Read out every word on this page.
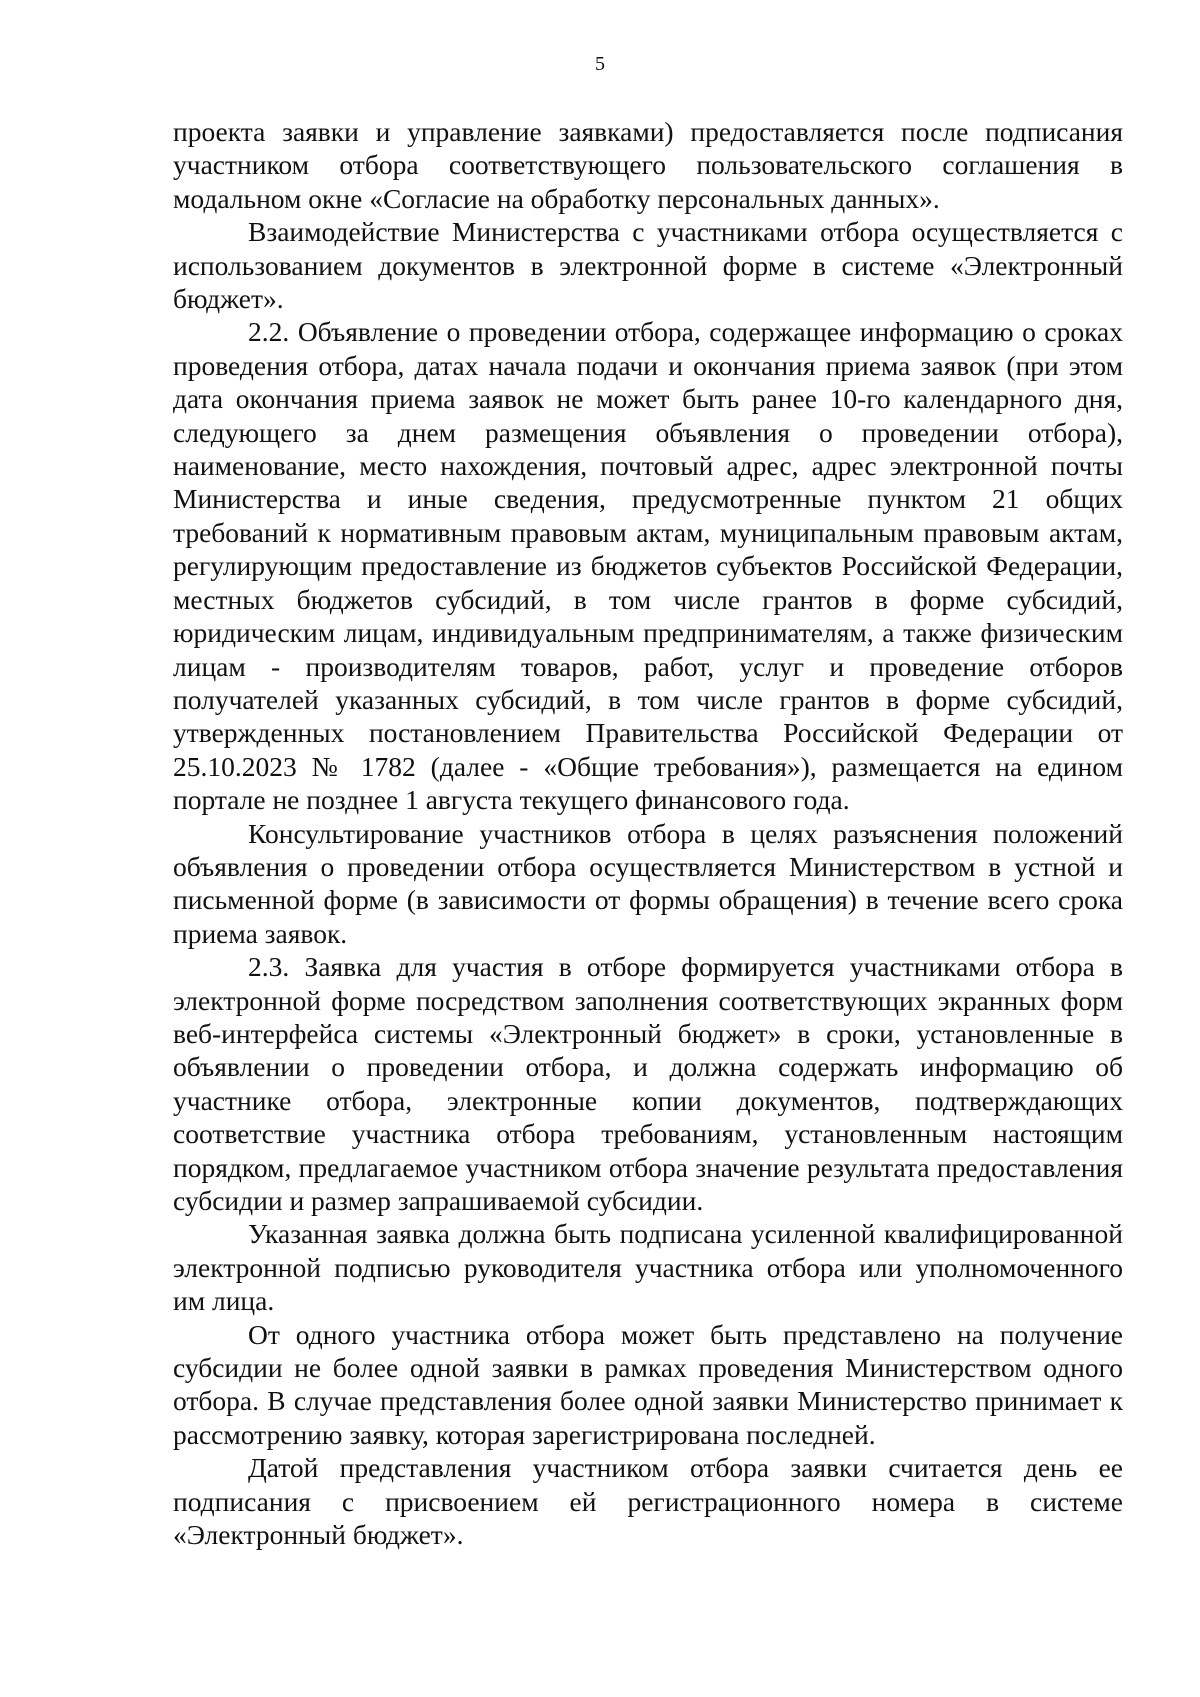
5

проекта заявки и управление заявками) предоставляется после подписания участником отбора соответствующего пользовательского соглашения в модальном окне «Согласие на обработку персональных данных».

Взаимодействие Министерства с участниками отбора осуществляется с использованием документов в электронной форме в системе «Электронный бюджет».

2.2. Объявление о проведении отбора, содержащее информацию о сроках проведения отбора, датах начала подачи и окончания приема заявок (при этом дата окончания приема заявок не может быть ранее 10-го календарного дня, следующего за днем размещения объявления о проведении отбора), наименование, место нахождения, почтовый адрес, адрес электронной почты Министерства и иные сведения, предусмотренные пунктом 21 общих требований к нормативным правовым актам, муниципальным правовым актам, регулирующим предоставление из бюджетов субъектов Российской Федерации, местных бюджетов субсидий, в том числе грантов в форме субсидий, юридическим лицам, индивидуальным предпринимателям, а также физическим лицам - производителям товаров, работ, услуг и проведение отборов получателей указанных субсидий, в том числе грантов в форме субсидий, утвержденных постановлением Правительства Российской Федерации от 25.10.2023 № 1782 (далее - «Общие требования»), размещается на едином портале не позднее 1 августа текущего финансового года.

Консультирование участников отбора в целях разъяснения положений объявления о проведении отбора осуществляется Министерством в устной и письменной форме (в зависимости от формы обращения) в течение всего срока приема заявок.

2.3. Заявка для участия в отборе формируется участниками отбора в электронной форме посредством заполнения соответствующих экранных форм веб-интерфейса системы «Электронный бюджет» в сроки, установленные в объявлении о проведении отбора, и должна содержать информацию об участнике отбора, электронные копии документов, подтверждающих соответствие участника отбора требованиям, установленным настоящим порядком, предлагаемое участником отбора значение результата предоставления субсидии и размер запрашиваемой субсидии.

Указанная заявка должна быть подписана усиленной квалифицированной электронной подписью руководителя участника отбора или уполномоченного им лица.

От одного участника отбора может быть представлено на получение субсидии не более одной заявки в рамках проведения Министерством одного отбора. В случае представления более одной заявки Министерство принимает к рассмотрению заявку, которая зарегистрирована последней.

Датой представления участником отбора заявки считается день ее подписания с присвоением ей регистрационного номера в системе «Электронный бюджет».
